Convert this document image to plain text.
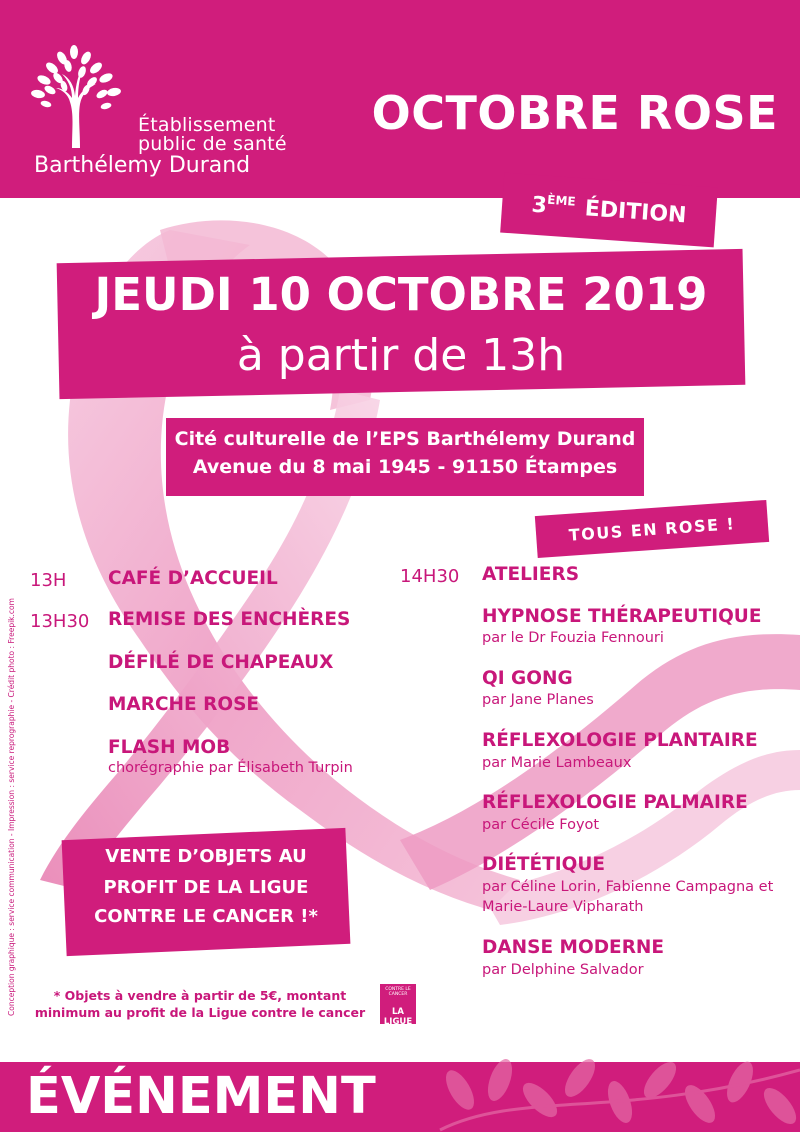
Établissement
public de santé
Barthélemy Durand
OCTOBRE ROSE
3ÈME
ÉDITION
JEUDI 10 OCTOBRE 2019
à partir de 13h
Cité culturelle de l’EPS Barthélemy Durand
Avenue du 8 mai 1945 - 91150 Étampes
TOUS EN ROSE !
13H CAFÉ D’ACCUEIL
13H30 REMISE DES ENCHÈRES
DÉFILÉ DE CHAPEAUX
MARCHE ROSE
FLASH MOB
chorégraphie par Élisabeth Turpin
14H30 ATELIERS
HYPNOSE THÉRAPEUTIQUE
par le Dr Fouzia Fennouri
QI GONG
par Jane Planes
RÉFLEXOLOGIE PLANTAIRE
par Marie Lambeaux
RÉFLEXOLOGIE PALMAIRE
par Cécile Foyot
DIÉTÉTIQUE
par Céline Lorin, Fabienne Campagna et
Marie-Laure Vipharath
DANSE MODERNE
par Delphine Salvador
VENTE D’OBJETS AU
PROFIT DE LA LIGUE
CONTRE LE CANCER !*
* Objets à vendre à partir de 5€, montant
minimum au profit de la Ligue contre le cancer
CONTRE LE CANCER
LA LIGUE
Conception graphique : service communication - Impression : service reprographie - Crédit photo : Freepik.com
ÉVÉNEMENT
